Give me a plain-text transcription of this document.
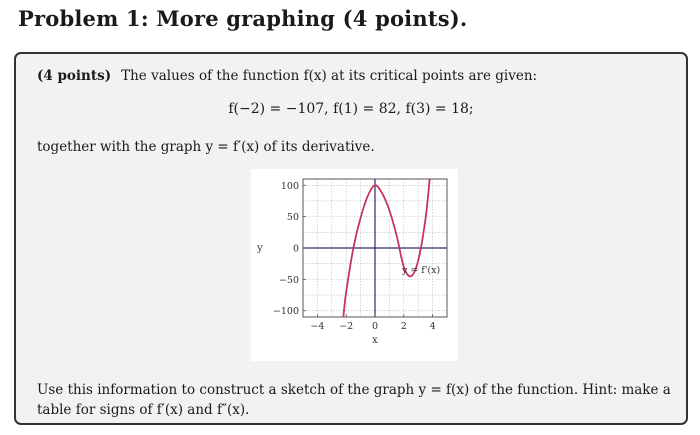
Problem 1: More graphing (4 points).
(4 points) The values of the function f(x) at its critical points are given:
f(−2) = −107, f(1) = 82, f(3) = 18;
together with the graph y = f′(x) of its derivative.
−4 −2 0 2 4
100
50
0
−50
−100
x
y
y = f'(x)
Use this information to construct a sketch of the graph y = f(x) of the function. Hint: make a table for signs of f′(x) and f″(x).
